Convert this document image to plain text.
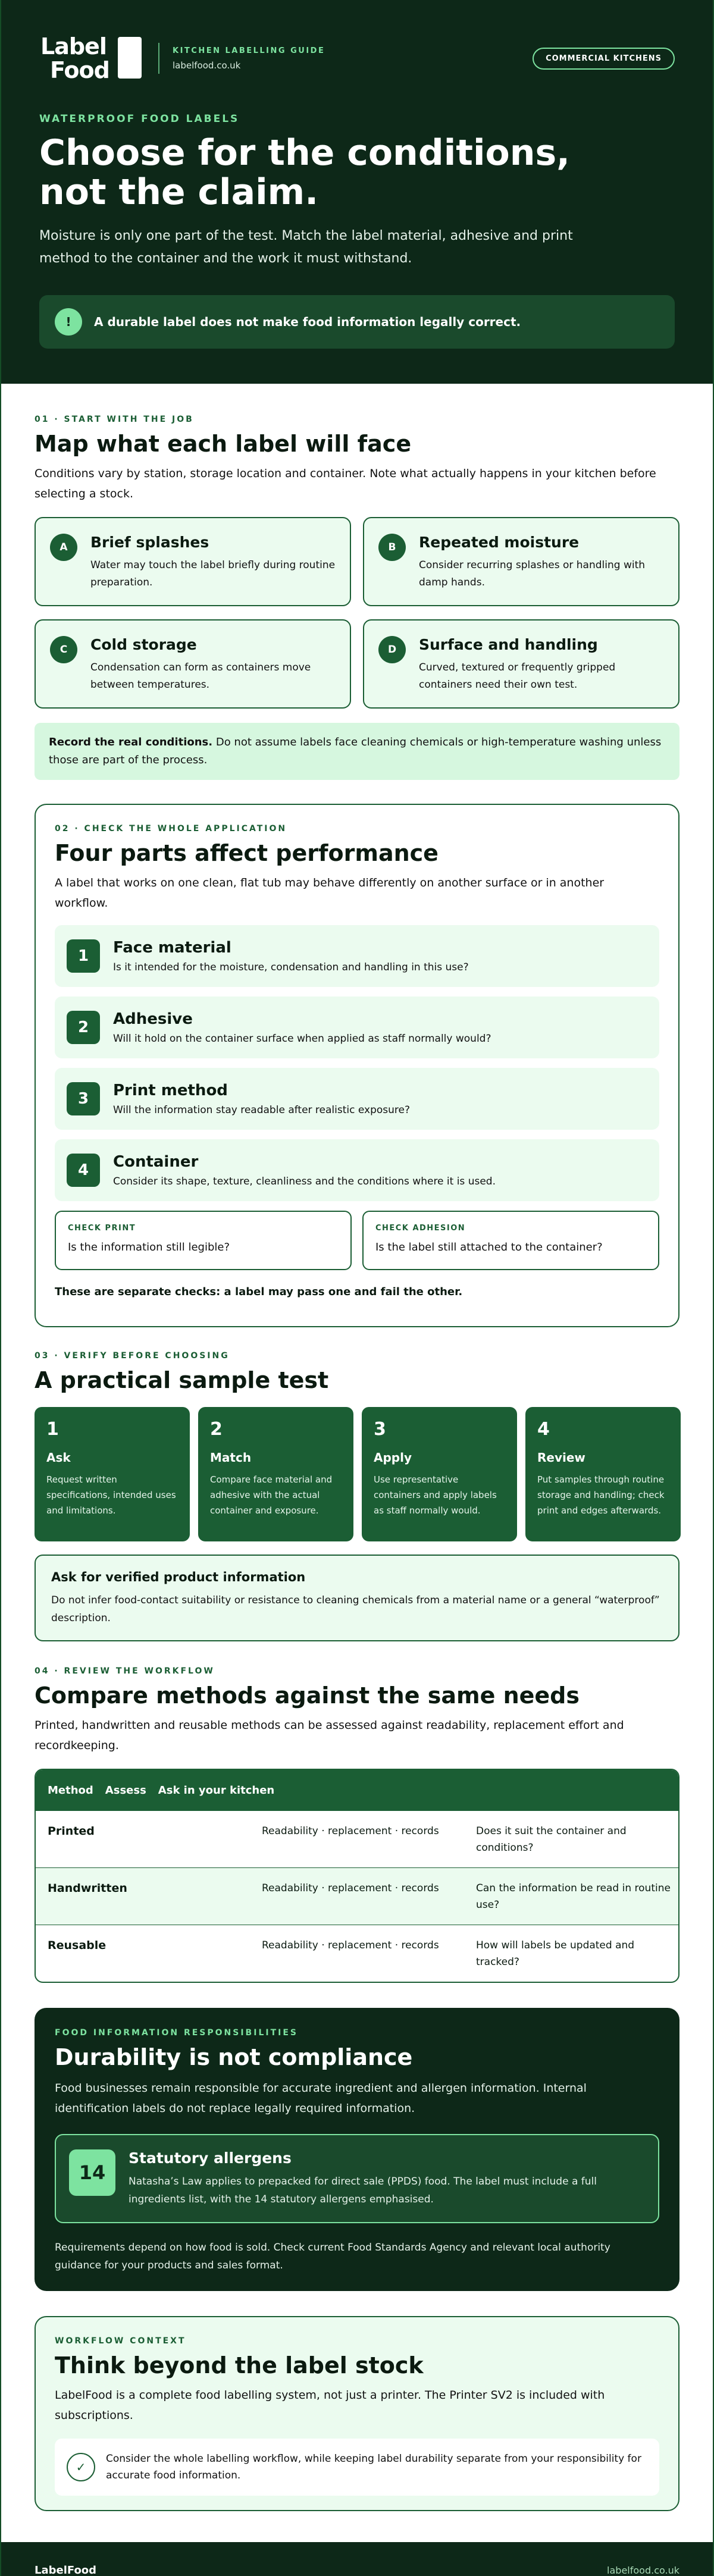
Label
Food
KITCHEN LABELLING GUIDE
labelfood.co.uk
COMMERCIAL KITCHENS
WATERPROOF FOOD LABELS
Choose for the conditions, not the claim.

Moisture is only one part of the test. Match the label material, adhesive and print method to the container and the work it must withstand.

!	A durable label does not make food information legally correct.
01 · START WITH THE JOB
Map what each label will face

Conditions vary by station, storage location and container. Note what actually happens in your kitchen before selecting a stock.

A	Brief splashes

Water may touch the label briefly during routine preparation.

B	Repeated moisture

Consider recurring splashes or handling with damp hands.

C	Cold storage

Condensation can form as containers move between temperatures.

D	Surface and handling

Curved, textured or frequently gripped containers need their own test.

Record the real conditions. Do not assume labels face cleaning chemicals or high-temperature washing unless those are part of the process.
02 · CHECK THE WHOLE APPLICATION
Four parts affect performance

A label that works on one clean, flat tub may behave differently on another surface or in another workflow.

1	Face material

Is it intended for the moisture, condensation and handling in this use?

2	Adhesive

Will it hold on the container surface when applied as staff normally would?

3	Print method

Will the information stay readable after realistic exposure?

4	Container

Consider its shape, texture, cleanliness and the conditions where it is used.

CHECK PRINT
Is the information still legible?
CHECK ADHESION
Is the label still attached to the container?

These are separate checks: a label may pass one and fail the other.

03 · VERIFY BEFORE CHOOSING
A practical sample test
1
Ask

Request written specifications, intended uses and limitations.

2
Match

Compare face material and adhesive with the actual container and exposure.

3
Apply

Use representative containers and apply labels as staff normally would.

4
Review

Put samples through routine storage and handling; check print and edges afterwards.

Ask for verified product information

Do not infer food-contact suitability or resistance to cleaning chemicals from a material name or a general “waterproof” description.

04 · REVIEW THE WORKFLOW
Compare methods against the same needs

Printed, handwritten and reusable methods can be assessed against readability, replacement effort and recordkeeping.

Method	Assess	Ask in your kitchen
Printed	Readability · replacement · records	Does it suit the container and conditions?
Handwritten	Readability · replacement · records	Can the information be read in routine use?
Reusable	Readability · replacement · records	How will labels be updated and tracked?
FOOD INFORMATION RESPONSIBILITIES
Durability is not compliance

Food businesses remain responsible for accurate ingredient and allergen information. Internal identification labels do not replace legally required information.

14
Statutory allergens

Natasha’s Law applies to prepacked for direct sale (PPDS) food. The label must include a full ingredients list, with the 14 statutory allergens emphasised.

Requirements depend on how food is sold. Check current Food Standards Agency and relevant local authority guidance for your products and sales format.

WORKFLOW CONTEXT
Think beyond the label stock

LabelFood is a complete food labelling system, not just a printer. The Printer SV2 is included with subscriptions.

✓

Consider the whole labelling workflow, while keeping label durability separate from your responsibility for accurate food information.

LabelFood	labelfood.co.uk
